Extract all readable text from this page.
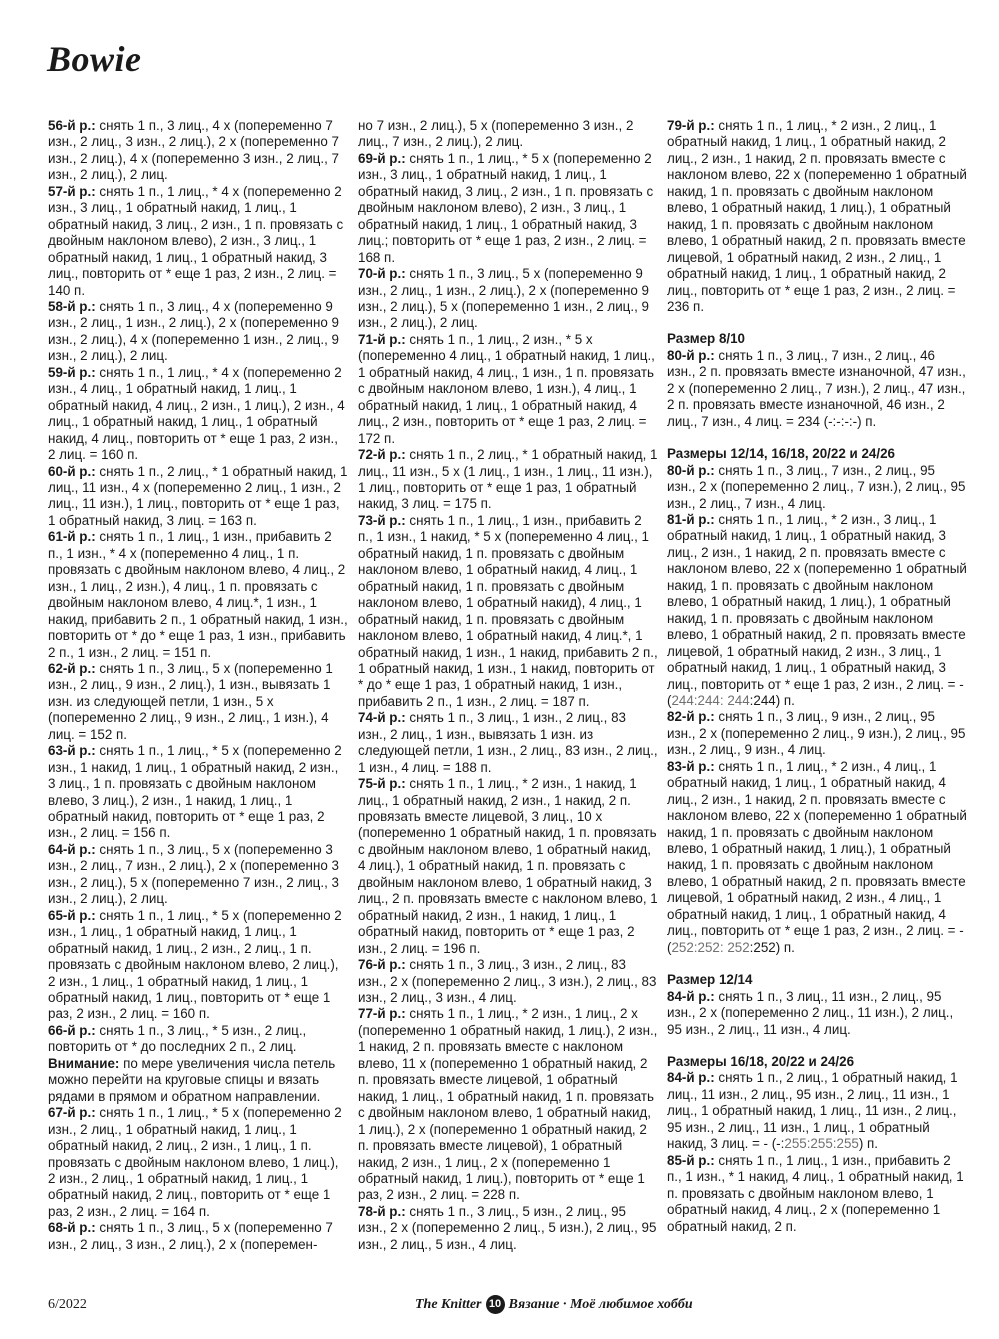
Bowie

56-й р.: снять 1 п., 3 лиц., 4 х (попеременно 7 изн., 2 лиц., 3 изн., 2 лиц.), 2 х (попеременно 7 изн., 2 лиц.), 4 х (попеременно 3 изн., 2 лиц., 7 изн., 2 лиц.), 2 лиц.

57-й р.: снять 1 п., 1 лиц., * 4 х (попеременно 2 изн., 3 лиц., 1 обратный накид, 1 лиц., 1 обратный накид, 3 лиц., 2 изн., 1 п. провязать с двойным наклоном влево), 2 изн., 3 лиц., 1 обратный накид, 1 лиц., 1 обратный накид, 3 лиц., повторить от * еще 1 раз, 2 изн., 2 лиц. = 140 п.

58-й р.: снять 1 п., 3 лиц., 4 х (попеременно 9 изн., 2 лиц., 1 изн., 2 лиц.), 2 х (попеременно 9 изн., 2 лиц.), 4 х (попеременно 1 изн., 2 лиц., 9 изн., 2 лиц.), 2 лиц.

59-й р.: снять 1 п., 1 лиц., * 4 х (попеременно 2 изн., 4 лиц., 1 обратный накид, 1 лиц., 1 обратный накид, 4 лиц., 2 изн., 1 лиц.), 2 изн., 4 лиц., 1 обратный накид, 1 лиц., 1 обратный накид, 4 лиц., повторить от * еще 1 раз, 2 изн., 2 лиц. = 160 п.

60-й р.: снять 1 п., 2 лиц., * 1 обратный накид, 1 лиц., 11 изн., 4 х (попеременно 2 лиц., 1 изн., 2 лиц., 11 изн.), 1 лиц., повторить от * еще 1 раз, 1 обратный накид, 3 лиц. = 163 п.

61-й р.: снять 1 п., 1 лиц., 1 изн., прибавить 2 п., 1 изн., * 4 х (попеременно 4 лиц., 1 п. провязать с двойным наклоном влево, 4 лиц., 2 изн., 1 лиц., 2 изн.), 4 лиц., 1 п. провязать с двойным наклоном влево, 4 лиц.*, 1 изн., 1 накид, прибавить 2 п., 1 обратный накид, 1 изн., повторить от * до * еще 1 раз, 1 изн., прибавить 2 п., 1 изн., 2 лиц. = 151 п.

62-й р.: снять 1 п., 3 лиц., 5 х (попеременно 1 изн., 2 лиц., 9 изн., 2 лиц.), 1 изн., вывязать 1 изн. из следующей петли, 1 изн., 5 х (попеременно 2 лиц., 9 изн., 2 лиц., 1 изн.), 4 лиц. = 152 п.

63-й р.: снять 1 п., 1 лиц., * 5 х (попеременно 2 изн., 1 накид, 1 лиц., 1 обратный накид, 2 изн., 3 лиц., 1 п. провязать с двойным наклоном влево, 3 лиц.), 2 изн., 1 накид, 1 лиц., 1 обратный накид, повторить от * еще 1 раз, 2 изн., 2 лиц. = 156 п.

64-й р.: снять 1 п., 3 лиц., 5 х (попеременно 3 изн., 2 лиц., 7 изн., 2 лиц.), 2 х (попеременно 3 изн., 2 лиц.), 5 х (попеременно 7 изн., 2 лиц., 3 изн., 2 лиц.), 2 лиц.

65-й р.: снять 1 п., 1 лиц., * 5 х (попеременно 2 изн., 1 лиц., 1 обратный накид, 1 лиц., 1 обратный накид, 1 лиц., 2 изн., 2 лиц., 1 п. провязать с двойным наклоном влево, 2 лиц.), 2 изн., 1 лиц., 1 обратный накид, 1 лиц., 1 обратный накид, 1 лиц., повторить от * еще 1 раз, 2 изн., 2 лиц. = 160 п.

66-й р.: снять 1 п., 3 лиц., * 5 изн., 2 лиц., повторить от * до последних 2 п., 2 лиц.

Внимание: по мере увеличения числа петель можно перейти на круговые спицы и вязать рядами в прямом и обратном направлении.

67-й р.: снять 1 п., 1 лиц., * 5 х (попеременно 2 изн., 2 лиц., 1 обратный накид, 1 лиц., 1 обратный накид, 2 лиц., 2 изн., 1 лиц., 1 п. провязать с двойным наклоном влево, 1 лиц.), 2 изн., 2 лиц., 1 обратный накид, 1 лиц., 1 обратный накид, 2 лиц., повторить от * еще 1 раз, 2 изн., 2 лиц. = 164 п.

68-й р.: снять 1 п., 3 лиц., 5 х (попеременно 7 изн., 2 лиц., 3 изн., 2 лиц.), 2 х (поперемен-

но 7 изн., 2 лиц.), 5 х (попеременно 3 изн., 2 лиц., 7 изн., 2 лиц.), 2 лиц.

69-й р.: снять 1 п., 1 лиц., * 5 х (попеременно 2 изн., 3 лиц., 1 обратный накид, 1 лиц., 1 обратный накид, 3 лиц., 2 изн., 1 п. провязать с двойным наклоном влево), 2 изн., 3 лиц., 1 обратный накид, 1 лиц., 1 обратный накид, 3 лиц.; повторить от * еще 1 раз, 2 изн., 2 лиц. = 168 п.

70-й р.: снять 1 п., 3 лиц., 5 х (попеременно 9 изн., 2 лиц., 1 изн., 2 лиц.), 2 х (попеременно 9 изн., 2 лиц.), 5 х (попеременно 1 изн., 2 лиц., 9 изн., 2 лиц.), 2 лиц.

71-й р.: снять 1 п., 1 лиц., 2 изн., * 5 х (попеременно 4 лиц., 1 обратный накид, 1 лиц., 1 обратный накид, 4 лиц., 1 изн., 1 п. провязать с двойным наклоном влево, 1 изн.), 4 лиц., 1 обратный накид, 1 лиц., 1 обратный накид, 4 лиц., 2 изн., повторить от * еще 1 раз, 2 лиц. = 172 п.

72-й р.: снять 1 п., 2 лиц., * 1 обратный накид, 1 лиц., 11 изн., 5 х (1 лиц., 1 изн., 1 лиц., 11 изн.), 1 лиц., повторить от * еще 1 раз, 1 обратный накид, 3 лиц. = 175 п.

73-й р.: снять 1 п., 1 лиц., 1 изн., прибавить 2 п., 1 изн., 1 накид, * 5 х (попеременно 4 лиц., 1 обратный накид, 1 п. провязать с двойным наклоном влево, 1 обратный накид, 4 лиц., 1 обратный накид, 1 п. провязать с двойным наклоном влево, 1 обратный накид), 4 лиц., 1 обратный накид, 1 п. провязать с двойным наклоном влево, 1 обратный накид, 4 лиц.*, 1 обратный накид, 1 изн., 1 накид, прибавить 2 п., 1 обратный накид, 1 изн., 1 накид, повторить от * до * еще 1 раз, 1 обратный накид, 1 изн., прибавить 2 п., 1 изн., 2 лиц. = 187 п.

74-й р.: снять 1 п., 3 лиц., 1 изн., 2 лиц., 83 изн., 2 лиц., 1 изн., вывязать 1 изн. из следующей петли, 1 изн., 2 лиц., 83 изн., 2 лиц., 1 изн., 4 лиц. = 188 п.

75-й р.: снять 1 п., 1 лиц., * 2 изн., 1 накид, 1 лиц., 1 обратный накид, 2 изн., 1 накид, 2 п. провязать вместе лицевой, 3 лиц., 10 х (попеременно 1 обратный накид, 1 п. провязать с двойным наклоном влево, 1 обратный накид, 4 лиц.), 1 обратный накид, 1 п. провязать с двойным наклоном влево, 1 обратный накид, 3 лиц., 2 п. провязать вместе с наклоном влево, 1 обратный накид, 2 изн., 1 накид, 1 лиц., 1 обратный накид, повторить от * еще 1 раз, 2 изн., 2 лиц. = 196 п.

76-й р.: снять 1 п., 3 лиц., 3 изн., 2 лиц., 83 изн., 2 х (попеременно 2 лиц., 3 изн.), 2 лиц., 83 изн., 2 лиц., 3 изн., 4 лиц.

77-й р.: снять 1 п., 1 лиц., * 2 изн., 1 лиц., 2 х (попеременно 1 обратный накид, 1 лиц.), 2 изн., 1 накид, 2 п. провязать вместе с наклоном влево, 11 х (попеременно 1 обратный накид, 2 п. провязать вместе лицевой, 1 обратный накид, 1 лиц., 1 обратный накид, 1 п. провязать с двойным наклоном влево, 1 обратный накид, 1 лиц.), 2 х (попеременно 1 обратный накид, 2 п. провязать вместе лицевой), 1 обратный накид, 2 изн., 1 лиц., 2 х (попеременно 1 обратный накид, 1 лиц.), повторить от * еще 1 раз, 2 изн., 2 лиц. = 228 п.

78-й р.: снять 1 п., 3 лиц., 5 изн., 2 лиц., 95 изн., 2 х (попеременно 2 лиц., 5 изн.), 2 лиц., 95 изн., 2 лиц., 5 изн., 4 лиц.

79-й р.: снять 1 п., 1 лиц., * 2 изн., 2 лиц., 1 обратный накид, 1 лиц., 1 обратный накид, 2 лиц., 2 изн., 1 накид, 2 п. провязать вместе с наклоном влево, 22 х (попеременно 1 обратный накид, 1 п. провязать с двойным наклоном влево, 1 обратный накид, 1 лиц.), 1 обратный накид, 1 п. провязать с двойным наклоном влево, 1 обратный накид, 2 п. провязать вместе лицевой, 1 обратный накид, 2 изн., 2 лиц., 1 обратный накид, 1 лиц., 1 обратный накид, 2 лиц., повторить от * еще 1 раз, 2 изн., 2 лиц. = 236 п.

Размер 8/10

80-й р.: снять 1 п., 3 лиц., 7 изн., 2 лиц., 46 изн., 2 п. провязать вместе изнаночной, 47 изн., 2 х (попеременно 2 лиц., 7 изн.), 2 лиц., 47 изн., 2 п. провязать вместе изнаночной, 46 изн., 2 лиц., 7 изн., 4 лиц. = 234 (-:-:-:-) п.

Размеры 12/14, 16/18, 20/22 и 24/26

80-й р.: снять 1 п., 3 лиц., 7 изн., 2 лиц., 95 изн., 2 х (попеременно 2 лиц., 7 изн.), 2 лиц., 95 изн., 2 лиц., 7 изн., 4 лиц.

81-й р.: снять 1 п., 1 лиц., * 2 изн., 3 лиц., 1 обратный накид, 1 лиц., 1 обратный накид, 3 лиц., 2 изн., 1 накид, 2 п. провязать вместе с наклоном влево, 22 х (попеременно 1 обратный накид, 1 п. провязать с двойным наклоном влево, 1 обратный накид, 1 лиц.), 1 обратный накид, 1 п. провязать с двойным наклоном влево, 1 обратный накид, 2 п. провязать вместе лицевой, 1 обратный накид, 2 изн., 3 лиц., 1 обратный накид, 1 лиц., 1 обратный накид, 3 лиц., повторить от * еще 1 раз, 2 изн., 2 лиц. = - (244:244: 244:244) п.

82-й р.: снять 1 п., 3 лиц., 9 изн., 2 лиц., 95 изн., 2 х (попеременно 2 лиц., 9 изн.), 2 лиц., 95 изн., 2 лиц., 9 изн., 4 лиц.

83-й р.: снять 1 п., 1 лиц., * 2 изн., 4 лиц., 1 обратный накид, 1 лиц., 1 обратный накид, 4 лиц., 2 изн., 1 накид, 2 п. провязать вместе с наклоном влево, 22 х (попеременно 1 обратный накид, 1 п. провязать с двойным наклоном влево, 1 обратный накид, 1 лиц.), 1 обратный накид, 1 п. провязать с двойным наклоном влево, 1 обратный накид, 2 п. провязать вместе лицевой, 1 обратный накид, 2 изн., 4 лиц., 1 обратный накид, 1 лиц., 1 обратный накид, 4 лиц., повторить от * еще 1 раз, 2 изн., 2 лиц. = - (252:252: 252:252) п.

Размер 12/14

84-й р.: снять 1 п., 3 лиц., 11 изн., 2 лиц., 95 изн., 2 х (попеременно 2 лиц., 11 изн.), 2 лиц., 95 изн., 2 лиц., 11 изн., 4 лиц.

Размеры 16/18, 20/22 и 24/26

84-й р.: снять 1 п., 2 лиц., 1 обратный накид, 1 лиц., 11 изн., 2 лиц., 95 изн., 2 лиц., 11 изн., 1 лиц., 1 обратный накид, 1 лиц., 11 изн., 2 лиц., 95 изн., 2 лиц., 11 изн., 1 лиц., 1 обратный накид, 3 лиц. = - (-:255:255:255) п.

85-й р.: снять 1 п., 1 лиц., 1 изн., прибавить 2 п., 1 изн., * 1 накид, 4 лиц., 1 обратный накид, 1 п. провязать с двойным наклоном влево, 1 обратный накид, 4 лиц., 2 х (попеременно 1 обратный накид, 2 п.

6/2022	The Knitter 10 Вязание · Моё любимое хобби
